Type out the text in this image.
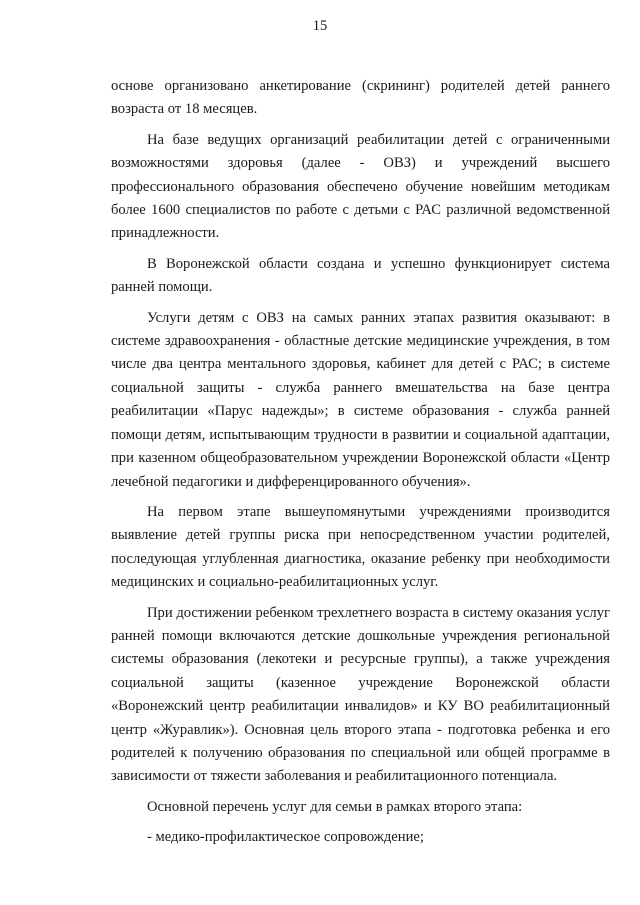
15

основе организовано анкетирование (скрининг) родителей детей раннего возраста от 18 месяцев.

На базе ведущих организаций реабилитации детей с ограниченными возможностями здоровья (далее - ОВЗ) и учреждений высшего профессионального образования обеспечено обучение новейшим методикам более 1600 специалистов по работе с детьми с РАС различной ведомственной принадлежности.

В Воронежской области создана и успешно функционирует система ранней помощи.

Услуги детям с ОВЗ на самых ранних этапах развития оказывают: в системе здравоохранения - областные детские медицинские учреждения, в том числе два центра ментального здоровья, кабинет для детей с РАС; в системе социальной защиты - служба раннего вмешательства на базе центра реабилитации «Парус надежды»; в системе образования - служба ранней помощи детям, испытывающим трудности в развитии и социальной адаптации, при казенном общеобразовательном учреждении Воронежской области «Центр лечебной педагогики и дифференцированного обучения».

На первом этапе вышеупомянутыми учреждениями производится выявление детей группы риска при непосредственном участии родителей, последующая углубленная диагностика, оказание ребенку при необходимости медицинских и социально-реабилитационных услуг.

При достижении ребенком трехлетнего возраста в систему оказания услуг ранней помощи включаются детские дошкольные учреждения региональной системы образования (лекотеки и ресурсные группы), а также учреждения социальной защиты (казенное учреждение Воронежской области «Воронежский центр реабилитации инвалидов» и КУ ВО реабилитационный центр «Журавлик»). Основная цель второго этапа - подготовка ребенка и его родителей к получению образования по специальной или общей программе в зависимости от тяжести заболевания и реабилитационного потенциала.

Основной перечень услуг для семьи в рамках второго этапа:

- медико-профилактическое сопровождение;
